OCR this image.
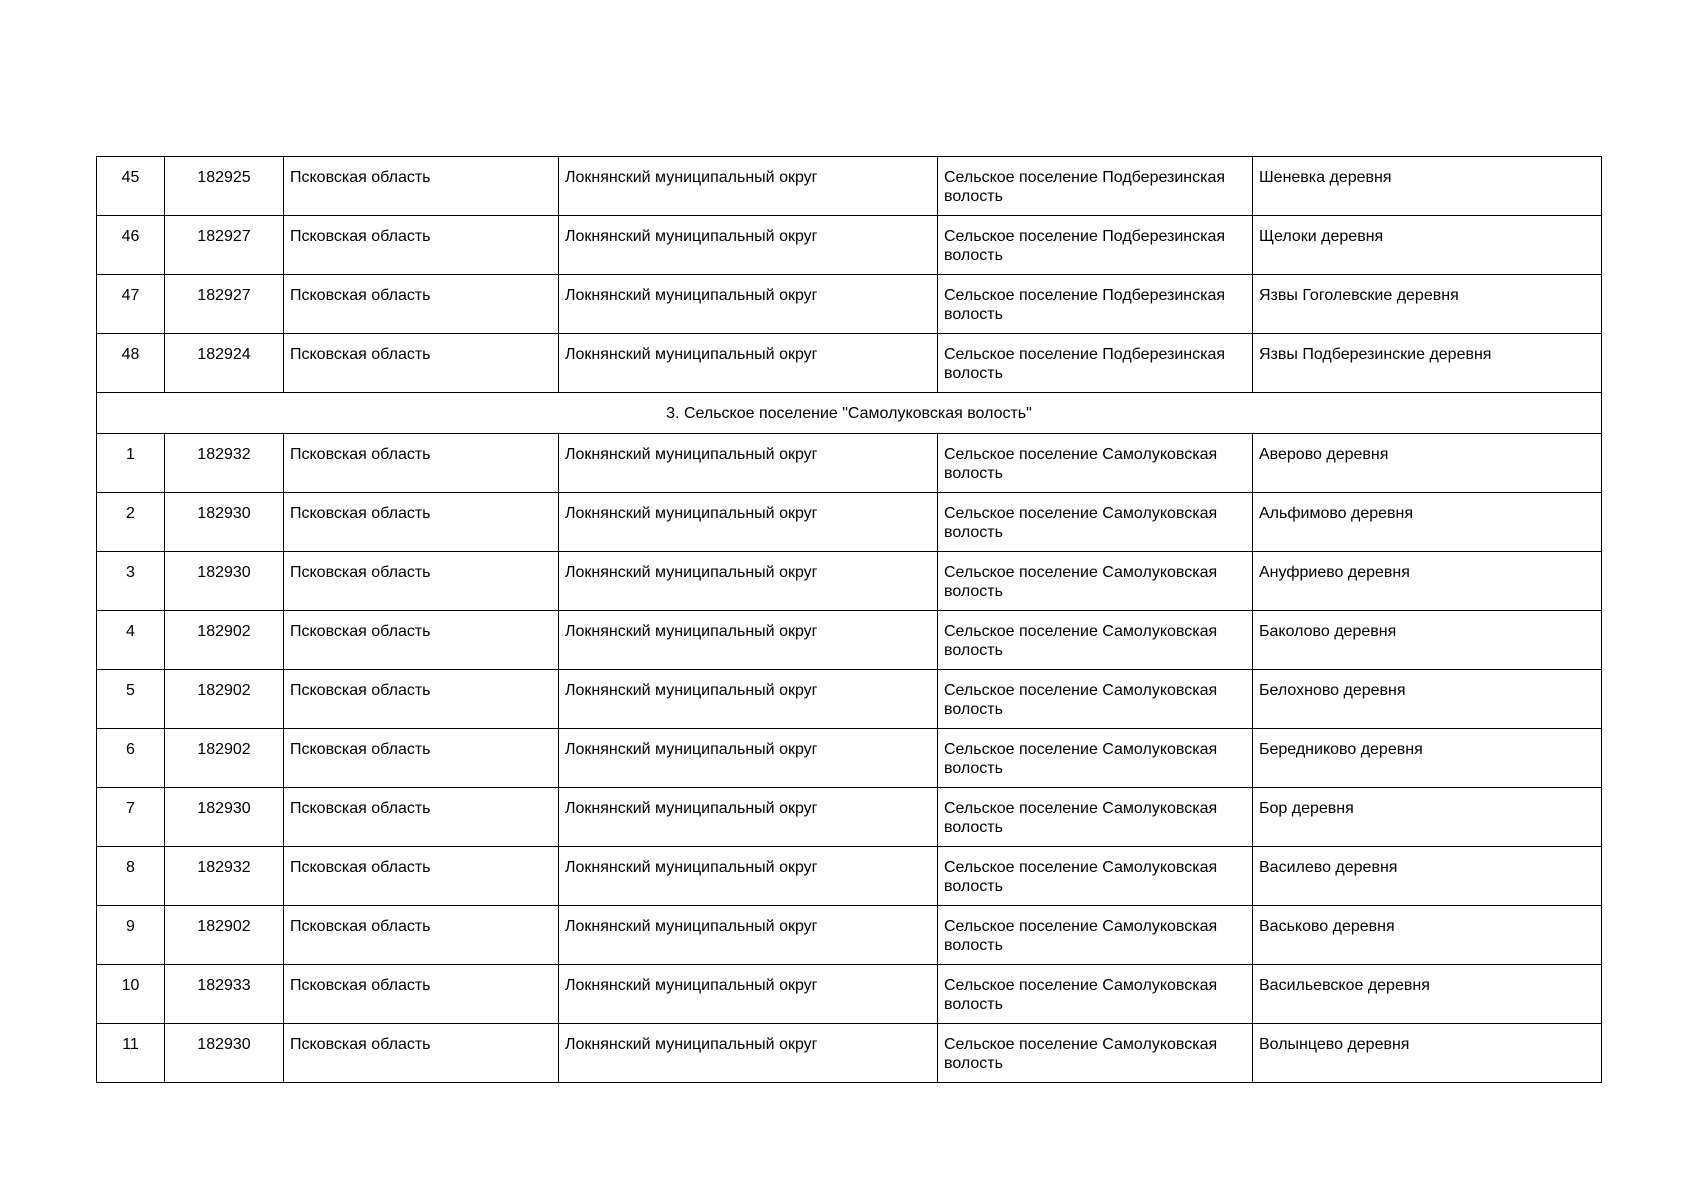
45	182925	Псковская область	Локнянский муниципальный округ	Сельское поселение Подберезинская волость	Шеневка деревня
46	182927	Псковская область	Локнянский муниципальный округ	Сельское поселение Подберезинская волость	Щелоки деревня
47	182927	Псковская область	Локнянский муниципальный округ	Сельское поселение Подберезинская волость	Язвы Гоголевские деревня
48	182924	Псковская область	Локнянский муниципальный округ	Сельское поселение Подберезинская волость	Язвы Подберезинские деревня
3. Сельское поселение "Самолуковская волость"					
1	182932	Псковская область	Локнянский муниципальный округ	Сельское поселение Самолуковская волость	Аверово деревня
2	182930	Псковская область	Локнянский муниципальный округ	Сельское поселение Самолуковская волость	Альфимово деревня
3	182930	Псковская область	Локнянский муниципальный округ	Сельское поселение Самолуковская волость	Ануфриево деревня
4	182902	Псковская область	Локнянский муниципальный округ	Сельское поселение Самолуковская волость	Баколово деревня
5	182902	Псковская область	Локнянский муниципальный округ	Сельское поселение Самолуковская волость	Белохново деревня
6	182902	Псковская область	Локнянский муниципальный округ	Сельское поселение Самолуковская волость	Бередниково деревня
7	182930	Псковская область	Локнянский муниципальный округ	Сельское поселение Самолуковская волость	Бор деревня
8	182932	Псковская область	Локнянский муниципальный округ	Сельское поселение Самолуковская волость	Василево деревня
9	182902	Псковская область	Локнянский муниципальный округ	Сельское поселение Самолуковская волость	Васьково деревня
10	182933	Псковская область	Локнянский муниципальный округ	Сельское поселение Самолуковская волость	Васильевское деревня
11	182930	Псковская область	Локнянский муниципальный округ	Сельское поселение Самолуковская волость	Волынцево деревня
